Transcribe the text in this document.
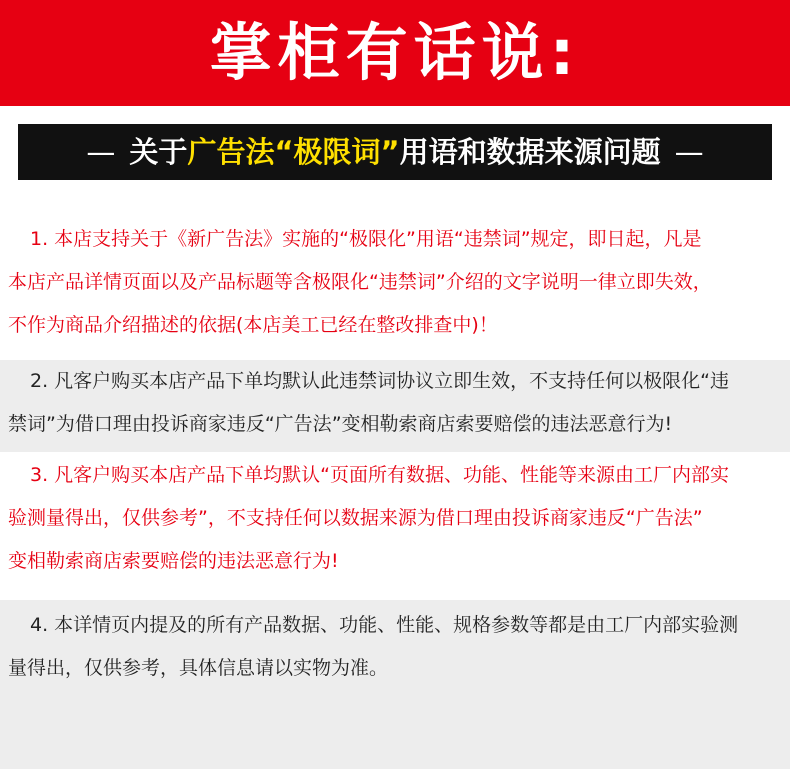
掌柜有话说:
— 关于 广告法“极限词” 用语和数据来源问题 —
1. 本店支持关于《新广告法》实施的“极限化”用语“违禁词”规定，即日起，凡是
本店产品详情页面以及产品标题等含极限化“违禁词”介绍的文字说明一律立即失效，
不作为商品介绍描述的依据(本店美工已经在整改排查中)！
2. 凡客户购买本店产品下单均默认此违禁词协议立即生效，不支持任何以极限化“违
禁词”为借口理由投诉商家违反“广告法”变相勒索商店索要赔偿的违法恶意行为!
3. 凡客户购买本店产品下单均默认“页面所有数据、功能、性能等来源由工厂内部实
验测量得出，仅供参考”，不支持任何以数据来源为借口理由投诉商家违反“广告法”
变相勒索商店索要赔偿的违法恶意行为!
4. 本详情页内提及的所有产品数据、功能、性能、规格参数等都是由工厂内部实验测
量得出，仅供参考，具体信息请以实物为准。
